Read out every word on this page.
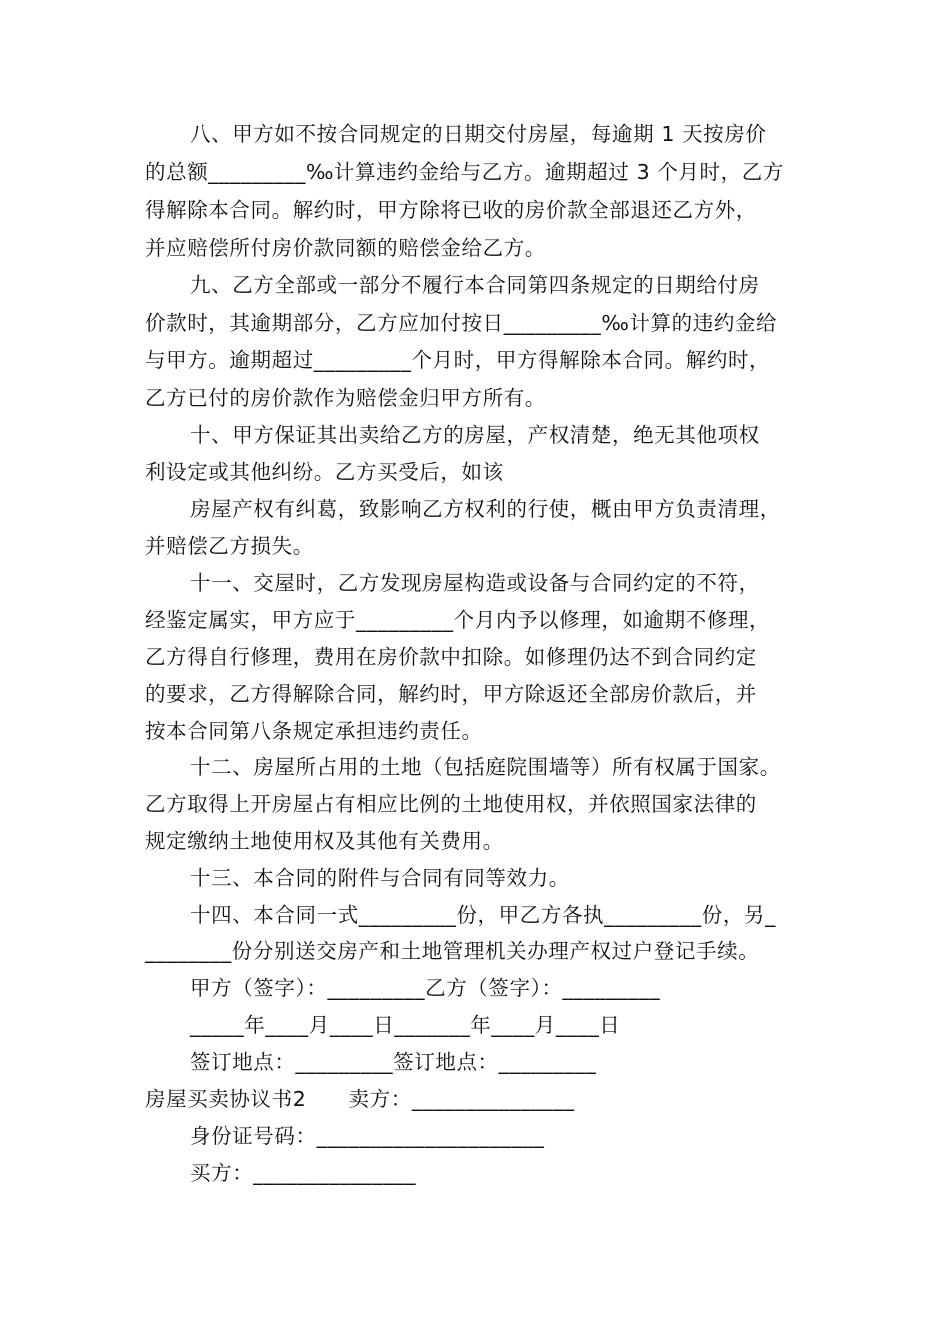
八、甲方如不按合同规定的日期交付房屋，每逾期 1 天按房价
的总额_________‰计算违约金给与乙方。逾期超过 3 个月时，乙方
得解除本合同。解约时，甲方除将已收的房价款全部退还乙方外，
并应赔偿所付房价款同额的赔偿金给乙方。
九、乙方全部或一部分不履行本合同第四条规定的日期给付房
价款时，其逾期部分，乙方应加付按日_________‰计算的违约金给
与甲方。逾期超过_________个月时，甲方得解除本合同。解约时，
乙方已付的房价款作为赔偿金归甲方所有。
十、甲方保证其出卖给乙方的房屋，产权清楚，绝无其他项权
利设定或其他纠纷。乙方买受后，如该
房屋产权有纠葛，致影响乙方权利的行使，概由甲方负责清理，
并赔偿乙方损失。
十一、交屋时，乙方发现房屋构造或设备与合同约定的不符，
经鉴定属实，甲方应于_________个月内予以修理，如逾期不修理，
乙方得自行修理，费用在房价款中扣除。如修理仍达不到合同约定
的要求，乙方得解除合同，解约时，甲方除返还全部房价款后，并
按本合同第八条规定承担违约责任。
十二、房屋所占用的土地（包括庭院围墙等）所有权属于国家。
乙方取得上开房屋占有相应比例的土地使用权，并依照国家法律的
规定缴纳土地使用权及其他有关费用。
十三、本合同的附件与合同有同等效力。
十四、本合同一式_________份，甲乙方各执_________份，另_
________份分别送交房产和土地管理机关办理产权过户登记手续。
甲方（签字）：_________乙方（签字）：_________
_____年____月____日_______年____月____日
签订地点：_________签订地点：_________
房屋买卖协议书2　　卖方：_______________
身份证号码：_____________________
买方：_______________
